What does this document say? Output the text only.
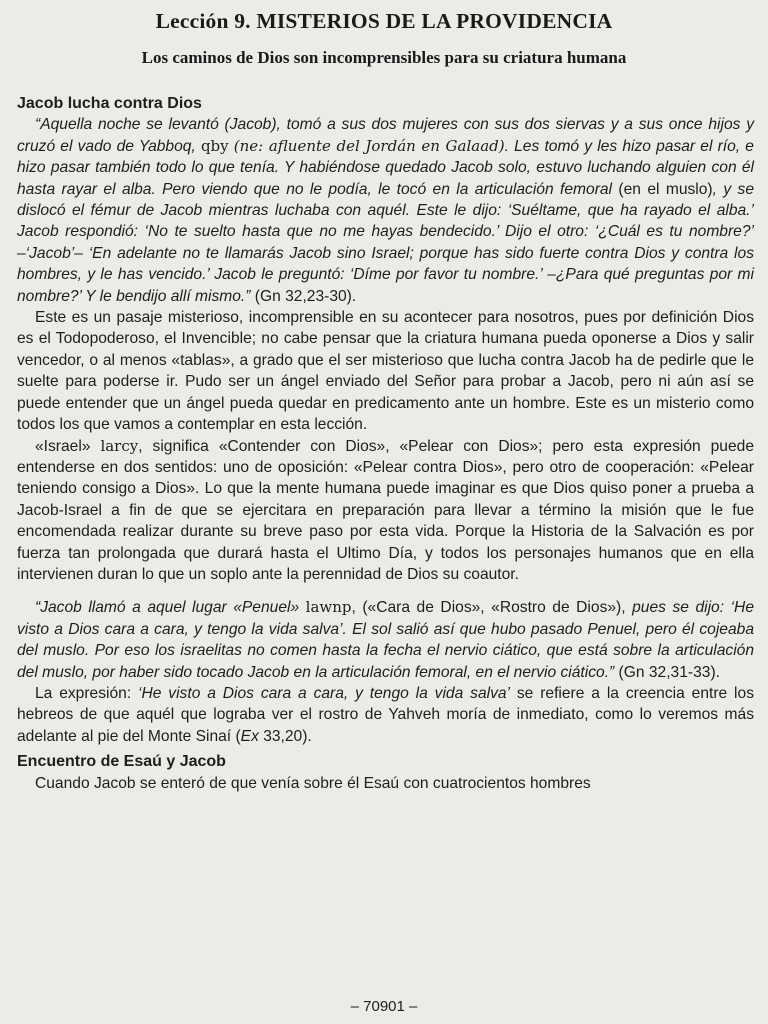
Lección 9. MISTERIOS DE LA PROVIDENCIA
Los caminos de Dios son incomprensibles para su criatura humana

Jacob lucha contra Dios

“Aquella noche se levantó (Jacob), tomó a sus dos mujeres con sus dos siervas y a sus once hijos y cruzó el vado de Yabboq, qby (ne: afluente del Jordán en Galaad). Les tomó y les hizo pasar el río, e hizo pasar también todo lo que tenía. Y habiéndose quedado Jacob solo, estuvo luchando alguien con él hasta rayar el alba. Pero viendo que no le podía, le tocó en la articulación femoral (en el muslo), y se dislocó el fémur de Jacob mientras luchaba con aquél. Este le dijo: ‘Suéltame, que ha rayado el alba.’ Jacob respondió: ‘No te suelto hasta que no me hayas bendecido.’ Dijo el otro: ‘¿Cuál es tu nombre?’ –‘Jacob’– ‘En adelante no te llamarás Jacob sino Israel; porque has sido fuerte contra Dios y contra los hombres, y le has vencido.’ Jacob le preguntó: ‘Díme por favor tu nombre.’ –¿Para qué preguntas por mi nombre?’ Y le bendijo allí mismo.” (Gn 32,23-30).

Este es un pasaje misterioso, incomprensible en su acontecer para nosotros, pues por definición Dios es el Todopoderoso, el Invencible; no cabe pensar que la criatura humana pueda oponerse a Dios y salir vencedor, o al menos «tablas», a grado que el ser misterioso que lucha contra Jacob ha de pedirle que le suelte para poderse ir. Pudo ser un ángel enviado del Señor para probar a Jacob, pero ni aún así se puede entender que un ángel pueda quedar en predicamento ante un hombre. Este es un misterio como todos los que vamos a contemplar en esta lección.

«Israel» larcy, significa «Contender con Dios», «Pelear con Dios»; pero esta expresión puede entenderse en dos sentidos: uno de oposición: «Pelear contra Dios», pero otro de cooperación: «Pelear teniendo consigo a Dios». Lo que la mente humana puede imaginar es que Dios quiso poner a prueba a Jacob-Israel a fin de que se ejercitara en preparación para llevar a término la misión que le fue encomendada realizar durante su breve paso por esta vida. Porque la Historia de la Salvación es por fuerza tan prolongada que durará hasta el Ultimo Día, y todos los personajes humanos que en ella intervienen duran lo que un soplo ante la perennidad de Dios su coautor.

“Jacob llamó a aquel lugar «Penuel» lawnp, («Cara de Dios», «Rostro de Dios»), pues se dijo: ‘He visto a Dios cara a cara, y tengo la vida salva’. El sol salió así que hubo pasado Penuel, pero él cojeaba del muslo. Por eso los israelitas no comen hasta la fecha el nervio ciático, que está sobre la articulación del muslo, por haber sido tocado Jacob en la articulación femoral, en el nervio ciático.” (Gn 32,31-33).

La expresión: ‘He visto a Dios cara a cara, y tengo la vida salva’ se refiere a la creencia entre los hebreos de que aquél que lograba ver el rostro de Yahveh moría de inmediato, como lo veremos más adelante al pie del Monte Sinaí (Ex 33,20).

Encuentro de Esaú y Jacob

Cuando Jacob se enteró de que venía sobre él Esaú con cuatrocientos hombres

– 70901 –
